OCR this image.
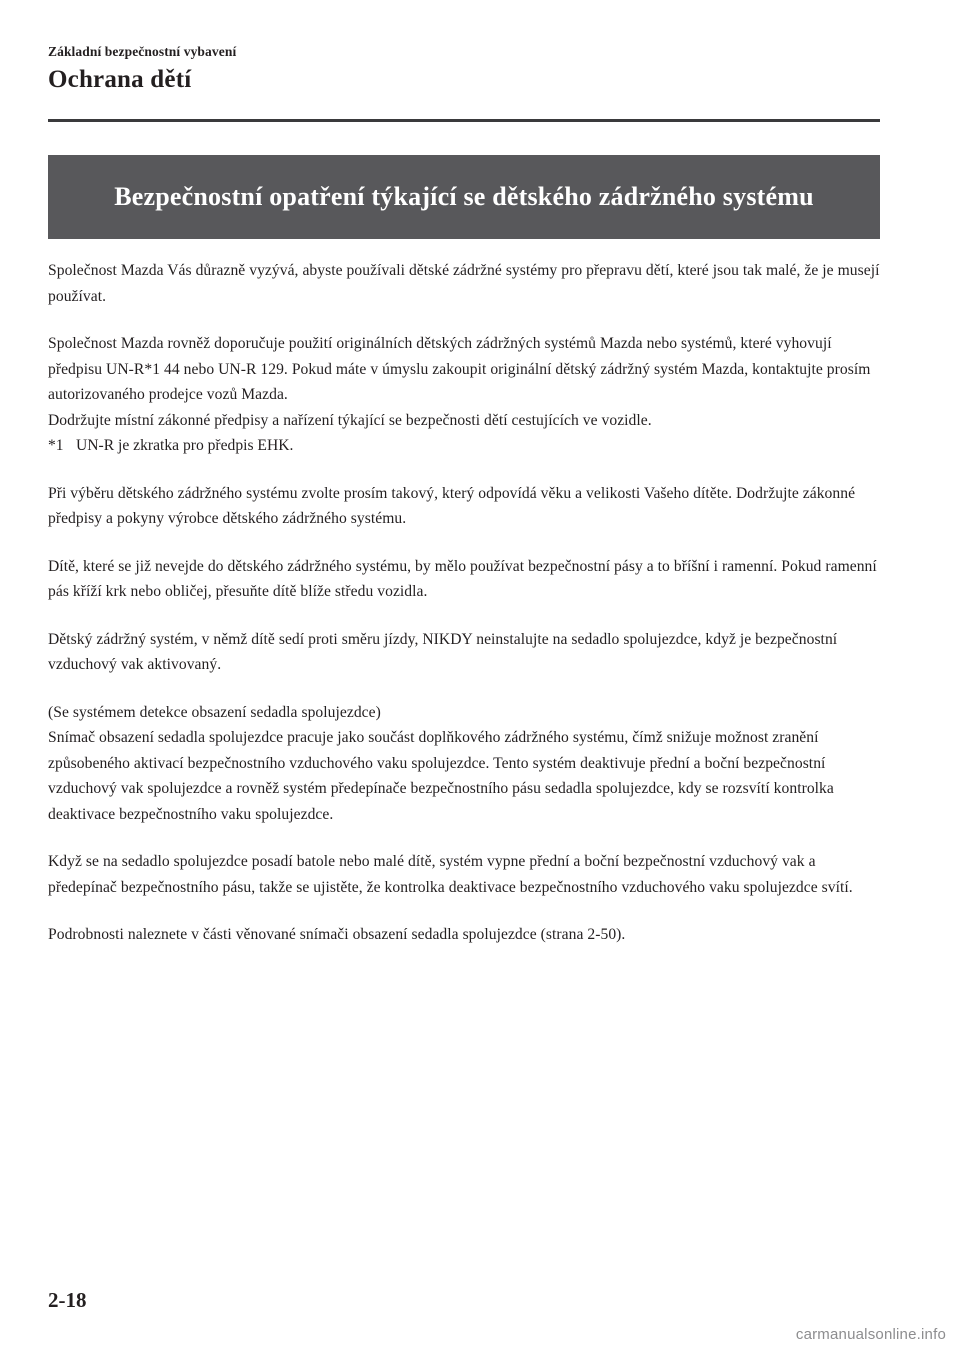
Základní bezpečnostní vybavení

Ochrana dětí
Bezpečnostní opatření týkající se dětského zádržného systému

Společnost Mazda Vás důrazně vyzývá, abyste používali dětské zádržné systémy pro přepravu dětí, které jsou tak malé, že je musejí používat.

Společnost Mazda rovněž doporučuje použití originálních dětských zádržných systémů Mazda nebo systémů, které vyhovují předpisu UN-R*1 44 nebo UN-R 129. Pokud máte v úmyslu zakoupit originální dětský zádržný systém Mazda, kontaktujte prosím autorizovaného prodejce vozů Mazda.

Dodržujte místní zákonné předpisy a nařízení týkající se bezpečnosti dětí cestujících ve vozidle.

*1 UN-R je zkratka pro předpis EHK.

Při výběru dětského zádržného systému zvolte prosím takový, který odpovídá věku a velikosti Vašeho dítěte. Dodržujte zákonné předpisy a pokyny výrobce dětského zádržného systému.

Dítě, které se již nevejde do dětského zádržného systému, by mělo používat bezpečnostní pásy a to bříšní i ramenní. Pokud ramenní pás kříží krk nebo obličej, přesuňte dítě blíže středu vozidla.

Dětský zádržný systém, v němž dítě sedí proti směru jízdy, NIKDY neinstalujte na sedadlo spolujezdce, když je bezpečnostní vzduchový vak aktivovaný.

(Se systémem detekce obsazení sedadla spolujezdce)

Snímač obsazení sedadla spolujezdce pracuje jako součást doplňkového zádržného systému, čímž snižuje možnost zranění způsobeného aktivací bezpečnostního vzduchového vaku spolujezdce. Tento systém deaktivuje přední a boční bezpečnostní vzduchový vak spolujezdce a rovněž systém předepínače bezpečnostního pásu sedadla spolujezdce, kdy se rozsvítí kontrolka deaktivace bezpečnostního vaku spolujezdce.

Když se na sedadlo spolujezdce posadí batole nebo malé dítě, systém vypne přední a boční bezpečnostní vzduchový vak a předepínač bezpečnostního pásu, takže se ujistěte, že kontrolka deaktivace bezpečnostního vzduchového vaku spolujezdce svítí.

Podrobnosti naleznete v části věnované snímači obsazení sedadla spolujezdce (strana 2-50).

2-18
carmanualsonline.info
